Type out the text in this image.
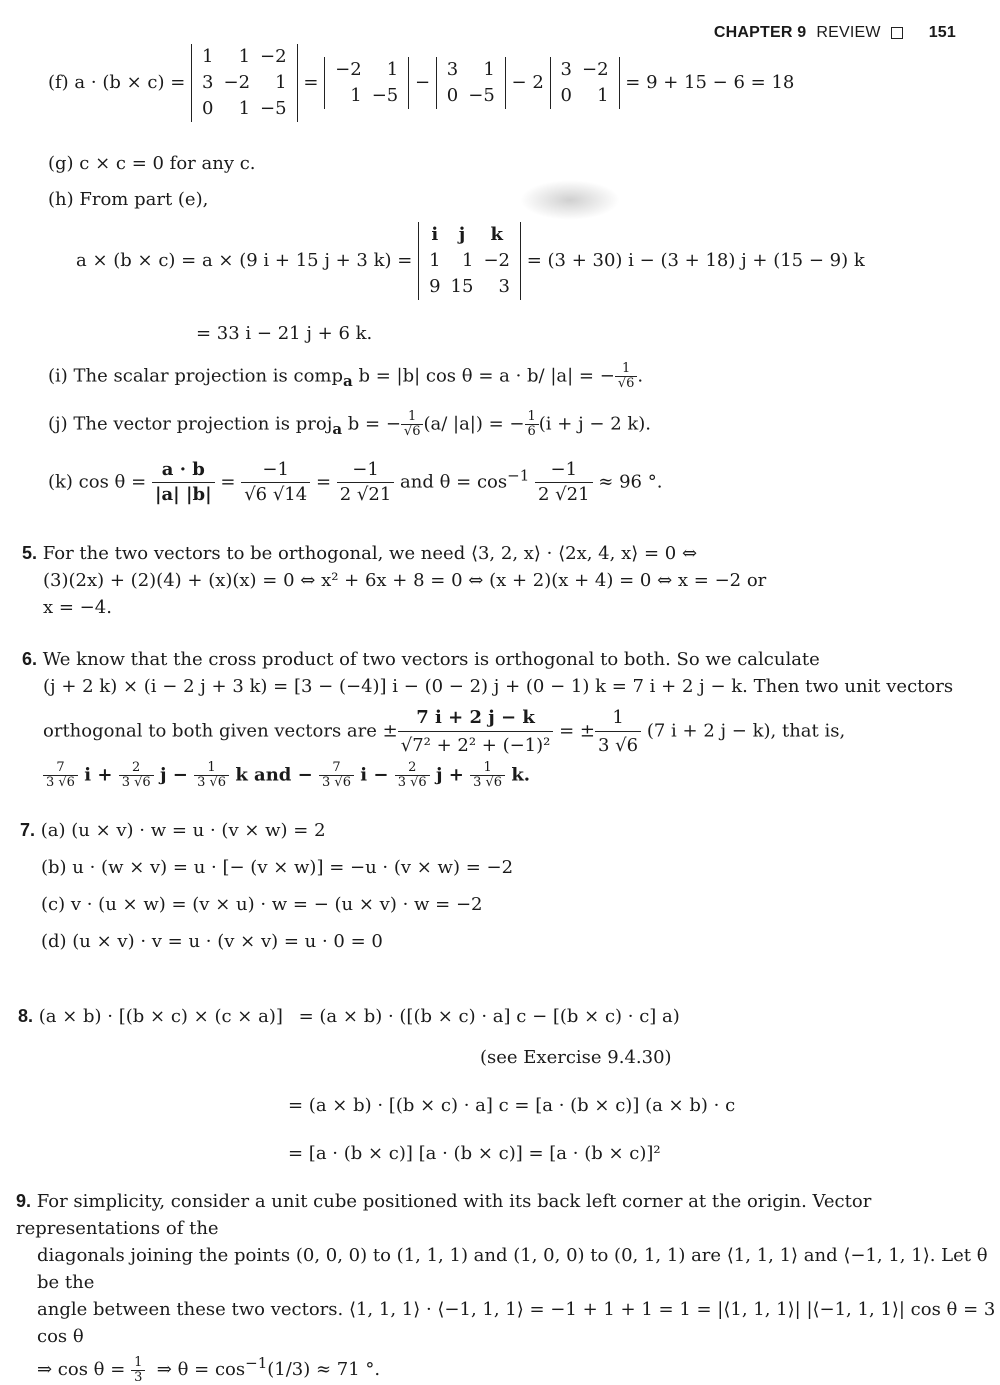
CHAPTER 9 REVIEW	151
(f) a · (b × c) =
1	1	−2
3	−2	1
0	1	−5
=
−2	1
1	−5
−
3	1
0	−5
− 2
3	−2
0	1
= 9 + 15 − 6 = 18
(g) c × c = 0 for any c.
(h) From part (e),
a × (b × c) = a × (9 i + 15 j + 3 k) =
i	j	k
1	1	−2
9	15	3
= (3 + 30) i − (3 + 18) j + (15 − 9) k
= 33 i − 21 j + 6 k.
(i) The scalar projection is comp$_a$ b = |b| cos θ = a · b/ |a| = − $\frac{1}{√6}$ .
(j) The vector projection is proj$_a$ b = − $\frac{1}{√6} (a/$ |a|) = − $\frac{1}{6} (i + j - 2$ k).
(k) $\cos \theta = \frac{a \cdot b}{|a| |b|} = \frac{-1}{√6 √14} = \frac{-1}{2 √21}$ and $\theta = \cos^{-1} \frac{-1}{2 √21} \approx 96$ °.
5. For the two vectors to be orthogonal, we need ⟨3, 2, x⟩ · ⟨2x, 4, x⟩ = 0 ⇔
(3)(2x) + (2)(4) + (x)(x) = 0 ⇔ x² + 6x + 8 = 0 ⇔ (x + 2)(x + 4) = 0 ⇔ x = −2 or
x = −4.
6. We know that the cross product of two vectors is orthogonal to both. So we calculate
(j + 2 k) × (i − 2 j + 3 k) = [3 − (−4)] i − (0 − 2) j + (0 − 1) k = 7 i + 2 j − k. Then two unit vectors
orthogonal to both given vectors are ± $\frac{7 i + 2 j - k}{\text{√7² + 2² + (−1)²}}$ = ± $\frac{1}{3 √6} (7$ i + 2 j − k), that is,
$\frac{7}{3 √6}$ $i + \frac{2}{3 √6}$ $j - \frac{1}{3 √6}$ k and − $\frac{7}{3 √6}$ $i - \frac{2}{3 √6}$ $j + \frac{1}{3 √6} k$.
7. (a) (u × v) · w = u · (v × w) = 2
(b) u · (w × v) = u · [− (v × w)] = −u · (v × w) = −2
(c) v · (u × w) = (v × u) · w = − (u × v) · w = −2
(d) (u × v) · v = u · (v × v) = u · 0 = 0
8. (a × b) · [(b × c) × (c × a)] = (a × b) · ([(b × c) · a] c − [(b × c) · c] a)
(see Exercise 9.4.30)
= (a × b) · [(b × c) · a] c = [a · (b × c)] (a × b) · c
= [a · (b × c)] [a · (b × c)] = [a · (b × c)]²
9. For simplicity, consider a unit cube positioned with its back left corner at the origin. Vector representations of the
diagonals joining the points (0, 0, 0) to (1, 1, 1) and (1, 0, 0) to (0, 1, 1) are ⟨1, 1, 1⟩ and ⟨−1, 1, 1⟩. Let θ be the
angle between these two vectors. ⟨1, 1, 1⟩ · ⟨−1, 1, 1⟩ = −1 + 1 + 1 = 1 = |⟨1, 1, 1⟩| |⟨−1, 1, 1⟩| cos θ = 3 cos θ
⇒ $\cos \theta = \frac{1}{3}$ ⇒ $\theta = \cos^{-1}(1/3) \approx 71$ °.
